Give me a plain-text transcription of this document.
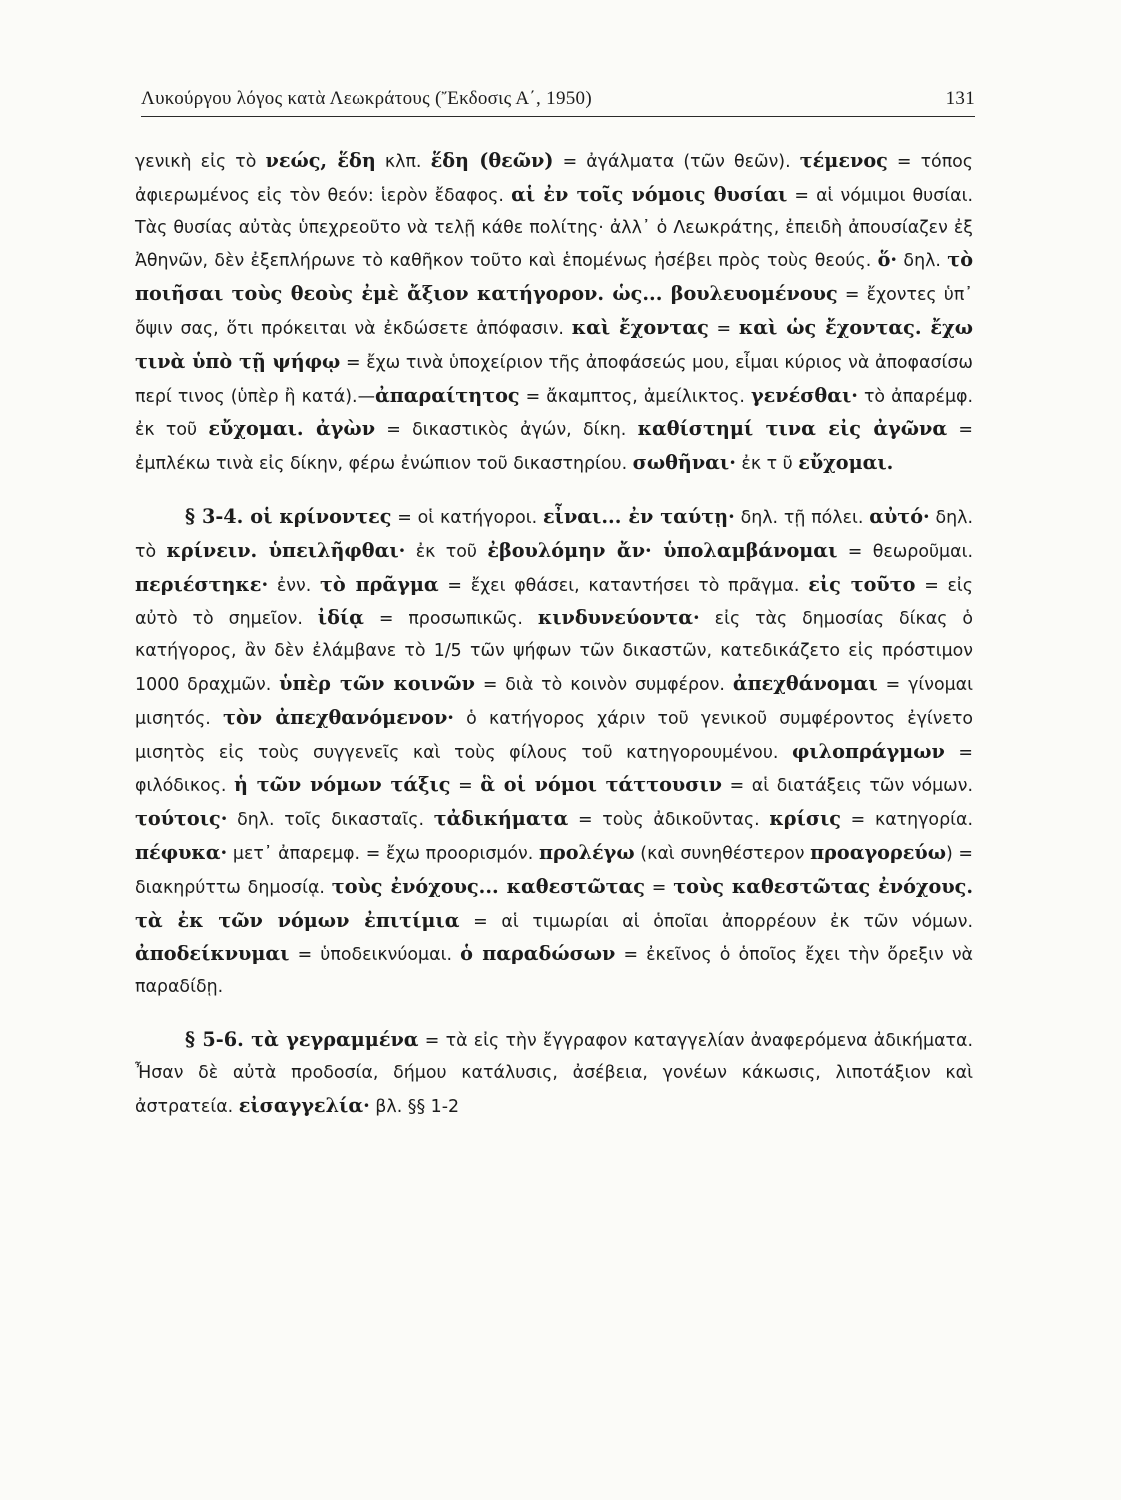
Λυκούργου λόγος κατὰ Λεωκράτους (Ἔκδοσις Α΄, 1950)	131

γενικὴ εἰς τὸ νεώς, ἕδη κλπ. ἕδη (θεῶν) = ἀγάλματα (τῶν θεῶν). τέμενος = τόπος ἀφιερωμένος εἰς τὸν θεόν: ἱερὸν ἔδαφος. αἱ ἐν τοῖς νόμοις θυσίαι = αἱ νόμιμοι θυσίαι. Τὰς θυσίας αὐτὰς ὑπεχρεοῦτο νὰ τελῇ κάθε πολίτης· ἀλλ᾿ ὁ Λεωκράτης, ἐπειδὴ ἀπουσίαζεν ἐξ Ἀθηνῶν, δὲν ἐξεπλήρωνε τὸ καθῆκον τοῦτο καὶ ἑπομένως ἠσέβει πρὸς τοὺς θεούς. ὅ· δηλ. τὸ ποιῆσαι τοὺς θεοὺς ἐμὲ ἄξιον κατήγορον. ὡς... βουλευομένους = ἔχοντες ὑπ᾿ ὄψιν σας, ὅτι πρόκειται νὰ ἐκδώσετε ἀπόφασιν. καὶ ἔχοντας = καὶ ὡς ἔχοντας. ἔχω τινὰ ὑπὸ τῇ ψήφῳ = ἔχω τινὰ ὑποχείριον τῆς ἀποφάσεώς μου, εἶμαι κύριος νὰ ἀποφασίσω περί τινος (ὑπὲρ ἢ κατά).—ἀπαραίτητος = ἄκαμπτος, ἀμείλικτος. γενέσθαι· τὸ ἀπαρέμφ. ἐκ τοῦ εὔχομαι. ἀγὼν = δικαστικὸς ἀγών, δίκη. καθίστημί τινα εἰς ἀγῶνα = ἐμπλέκω τινὰ εἰς δίκην, φέρω ἐνώπιον τοῦ δικαστηρίου. σωθῆναι· ἐκ τ ῦ εὔχομαι.

§ 3-4. οἱ κρίνοντες = οἱ κατήγοροι. εἶναι... ἐν ταύτῃ· δηλ. τῇ πόλει. αὐτό· δηλ. τὸ κρίνειν. ὑπειλῆφθαι· ἐκ τοῦ ἐβουλόμην ἄν· ὑπολαμβάνομαι = θεωροῦμαι. περιέστηκε· ἐνν. τὸ πρᾶγμα = ἔχει φθάσει, καταντήσει τὸ πρᾶγμα. εἰς τοῦτο = εἰς αὐτὸ τὸ σημεῖον. ἰδίᾳ = προσωπικῶς. κινδυνεύοντα· εἰς τὰς δημοσίας δίκας ὁ κατήγορος, ἂν δὲν ἐλάμβανε τὸ 1/5 τῶν ψήφων τῶν δικαστῶν, κατεδικάζετο εἰς πρόστιμον 1000 δραχμῶν. ὑπὲρ τῶν κοινῶν = διὰ τὸ κοινὸν συμφέρον. ἀπεχθάνομαι = γίνομαι μισητός. τὸν ἀπεχθανόμενον· ὁ κατήγορος χάριν τοῦ γενικοῦ συμφέροντος ἐγίνετο μισητὸς εἰς τοὺς συγγενεῖς καὶ τοὺς φίλους τοῦ κατηγορουμένου. φιλοπράγμων = φιλόδικος. ἡ τῶν νόμων τάξις = ἃ οἱ νόμοι τάττουσιν = αἱ διατάξεις τῶν νόμων. τούτοις· δηλ. τοῖς δικασταῖς. τἀδικήματα = τοὺς ἀδικοῦντας. κρίσις = κατηγορία. πέφυκα· μετ᾿ ἀπαρεμφ. = ἔχω προορισμόν. προλέγω (καὶ συνηθέστερον προαγορεύω) = διακηρύττω δημοσίᾳ. τοὺς ἐνόχους... καθεστῶτας = τοὺς καθεστῶτας ἐνόχους. τὰ ἐκ τῶν νόμων ἐπιτίμια = αἱ τιμωρίαι αἱ ὁποῖαι ἀπορρέουν ἐκ τῶν νόμων. ἀποδείκνυμαι = ὑποδεικνύομαι. ὁ παραδώσων = ἐκεῖνος ὁ ὁποῖος ἔχει τὴν ὄρεξιν νὰ παραδίδῃ.

§ 5-6. τὰ γεγραμμένα = τὰ εἰς τὴν ἔγγραφον καταγγελίαν ἀναφερόμενα ἀδικήματα. Ἦσαν δὲ αὐτὰ προδοσία, δήμου κατάλυσις, ἀσέβεια, γονέων κάκωσις, λιποτάξιον καὶ ἀστρατεία. εἰσαγγελία· βλ. §§ 1-2
